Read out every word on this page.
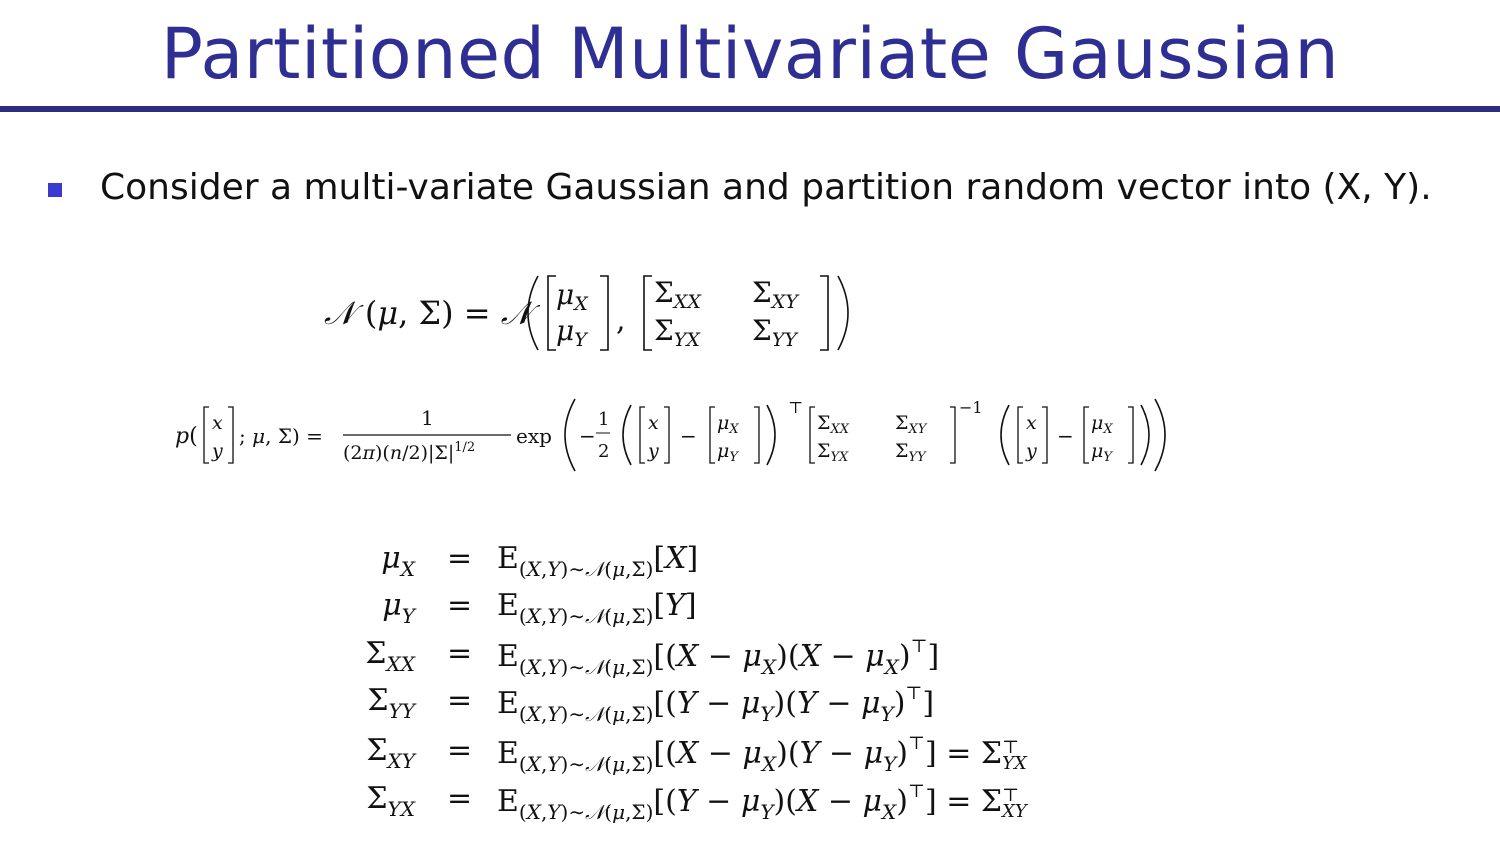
Partitioned Multivariate Gaussian
Consider a multi-variate Gaussian and partition random vector into (X, Y).
𝒩 (μ, Σ) = 𝒩 $\mu_X$
$\mu_Y$
,
$\Sigma_{XX}$ $\Sigma_{XY}$
$\Sigma_{YX}$ $\Sigma_{YY}$
p(
x
y
; μ, Σ) =
1
$(2\pi)(n/2)|\Sigma|^{1/2}$ exp −
1
2
x
y
−
$\mu_X$
$\mu_Y$
⊤
$\Sigma_{XX}$ $\Sigma_{XY}$
$\Sigma_{YX}$ $\Sigma_{YY}$
−1
x
y
−
$\mu_X$
$\mu_Y$
$\mu_X = E_{(X,Y)\sim 𝒩(\mu,\Sigma)}[X]$
$\mu_Y = E_{(X,Y)\sim 𝒩(\mu,\Sigma)}[Y]$
$\Sigma_{XX} = E_{(X,Y)\sim 𝒩(\mu,\Sigma)}[(X - \mu_X)(X - \mu_X)^⊤]$
$\Sigma_{YY} = E_{(X,Y)\sim 𝒩(\mu,\Sigma)}[(Y - \mu_Y)(Y - \mu_Y)^⊤]$
$\Sigma_{XY} = E_{(X,Y)\sim 𝒩(\mu,\Sigma)}[(X - \mu_X)(Y - \mu_Y)^⊤]$ = Σ⊤
YX
$\Sigma_{YX} = E_{(X,Y)\sim 𝒩(\mu,\Sigma)}[(Y - \mu_Y)(X - \mu_X)^⊤]$ = Σ⊤
XY
